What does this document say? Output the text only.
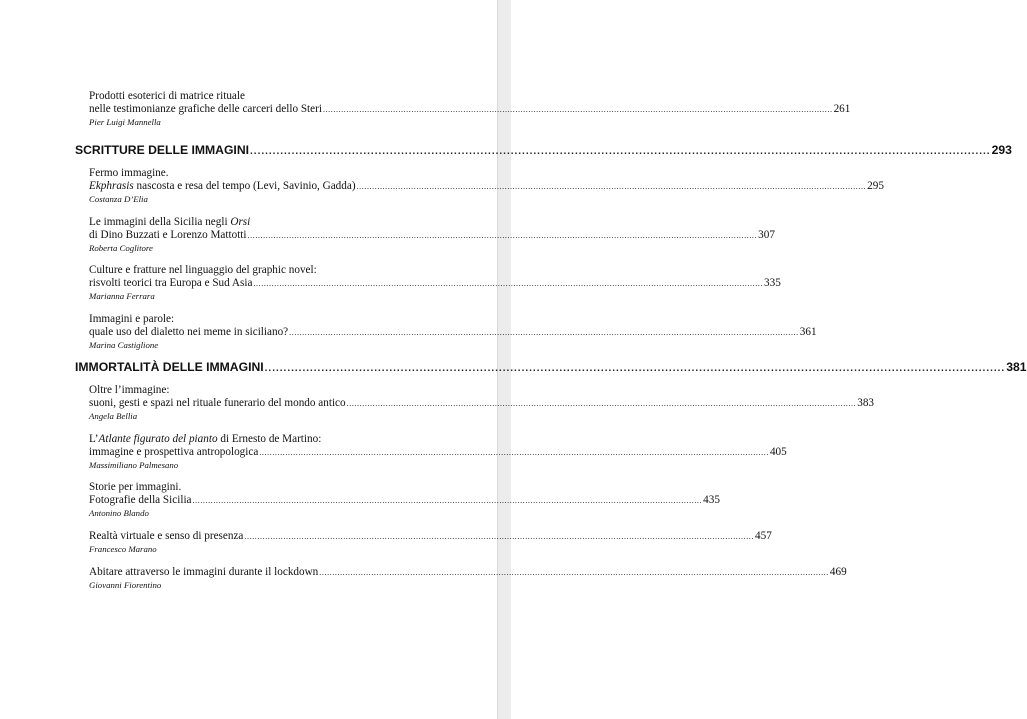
Prodotti esoterici di matrice rituale
nelle testimonianze grafiche delle carceri dello Steri .....	261
Pier Luigi Mannella
SCRITTURE DELLE IMMAGINI .....	293
Fermo immagine.
Ekphrasis nascosta e resa del tempo (Levi, Savinio, Gadda) .....	295
Costanza D’Elia
Le immagini della Sicilia negli Orsi
di Dino Buzzati e Lorenzo Mattotti .....	307
Roberta Coglitore
Culture e fratture nel linguaggio del graphic novel:
risvolti teorici tra Europa e Sud Asia .....	335
Marianna Ferrara
Immagini e parole:
quale uso del dialetto nei meme in siciliano? .....	361
Marina Castiglione
IMMORTALITÀ DELLE IMMAGINI .....	381
Oltre l’immagine:
suoni, gesti e spazi nel rituale funerario del mondo antico .....	383
Angela Bellia
L’Atlante figurato del pianto di Ernesto de Martino:
immagine e prospettiva antropologica .....	405
Massimiliano Palmesano
Storie per immagini.
Fotografie della Sicilia .....	435
Antonino Blando
Realtà virtuale e senso di presenza .....	457
Francesco Marano
Abitare attraverso le immagini durante il lockdown .....	469
Giovanni Fiorentino
